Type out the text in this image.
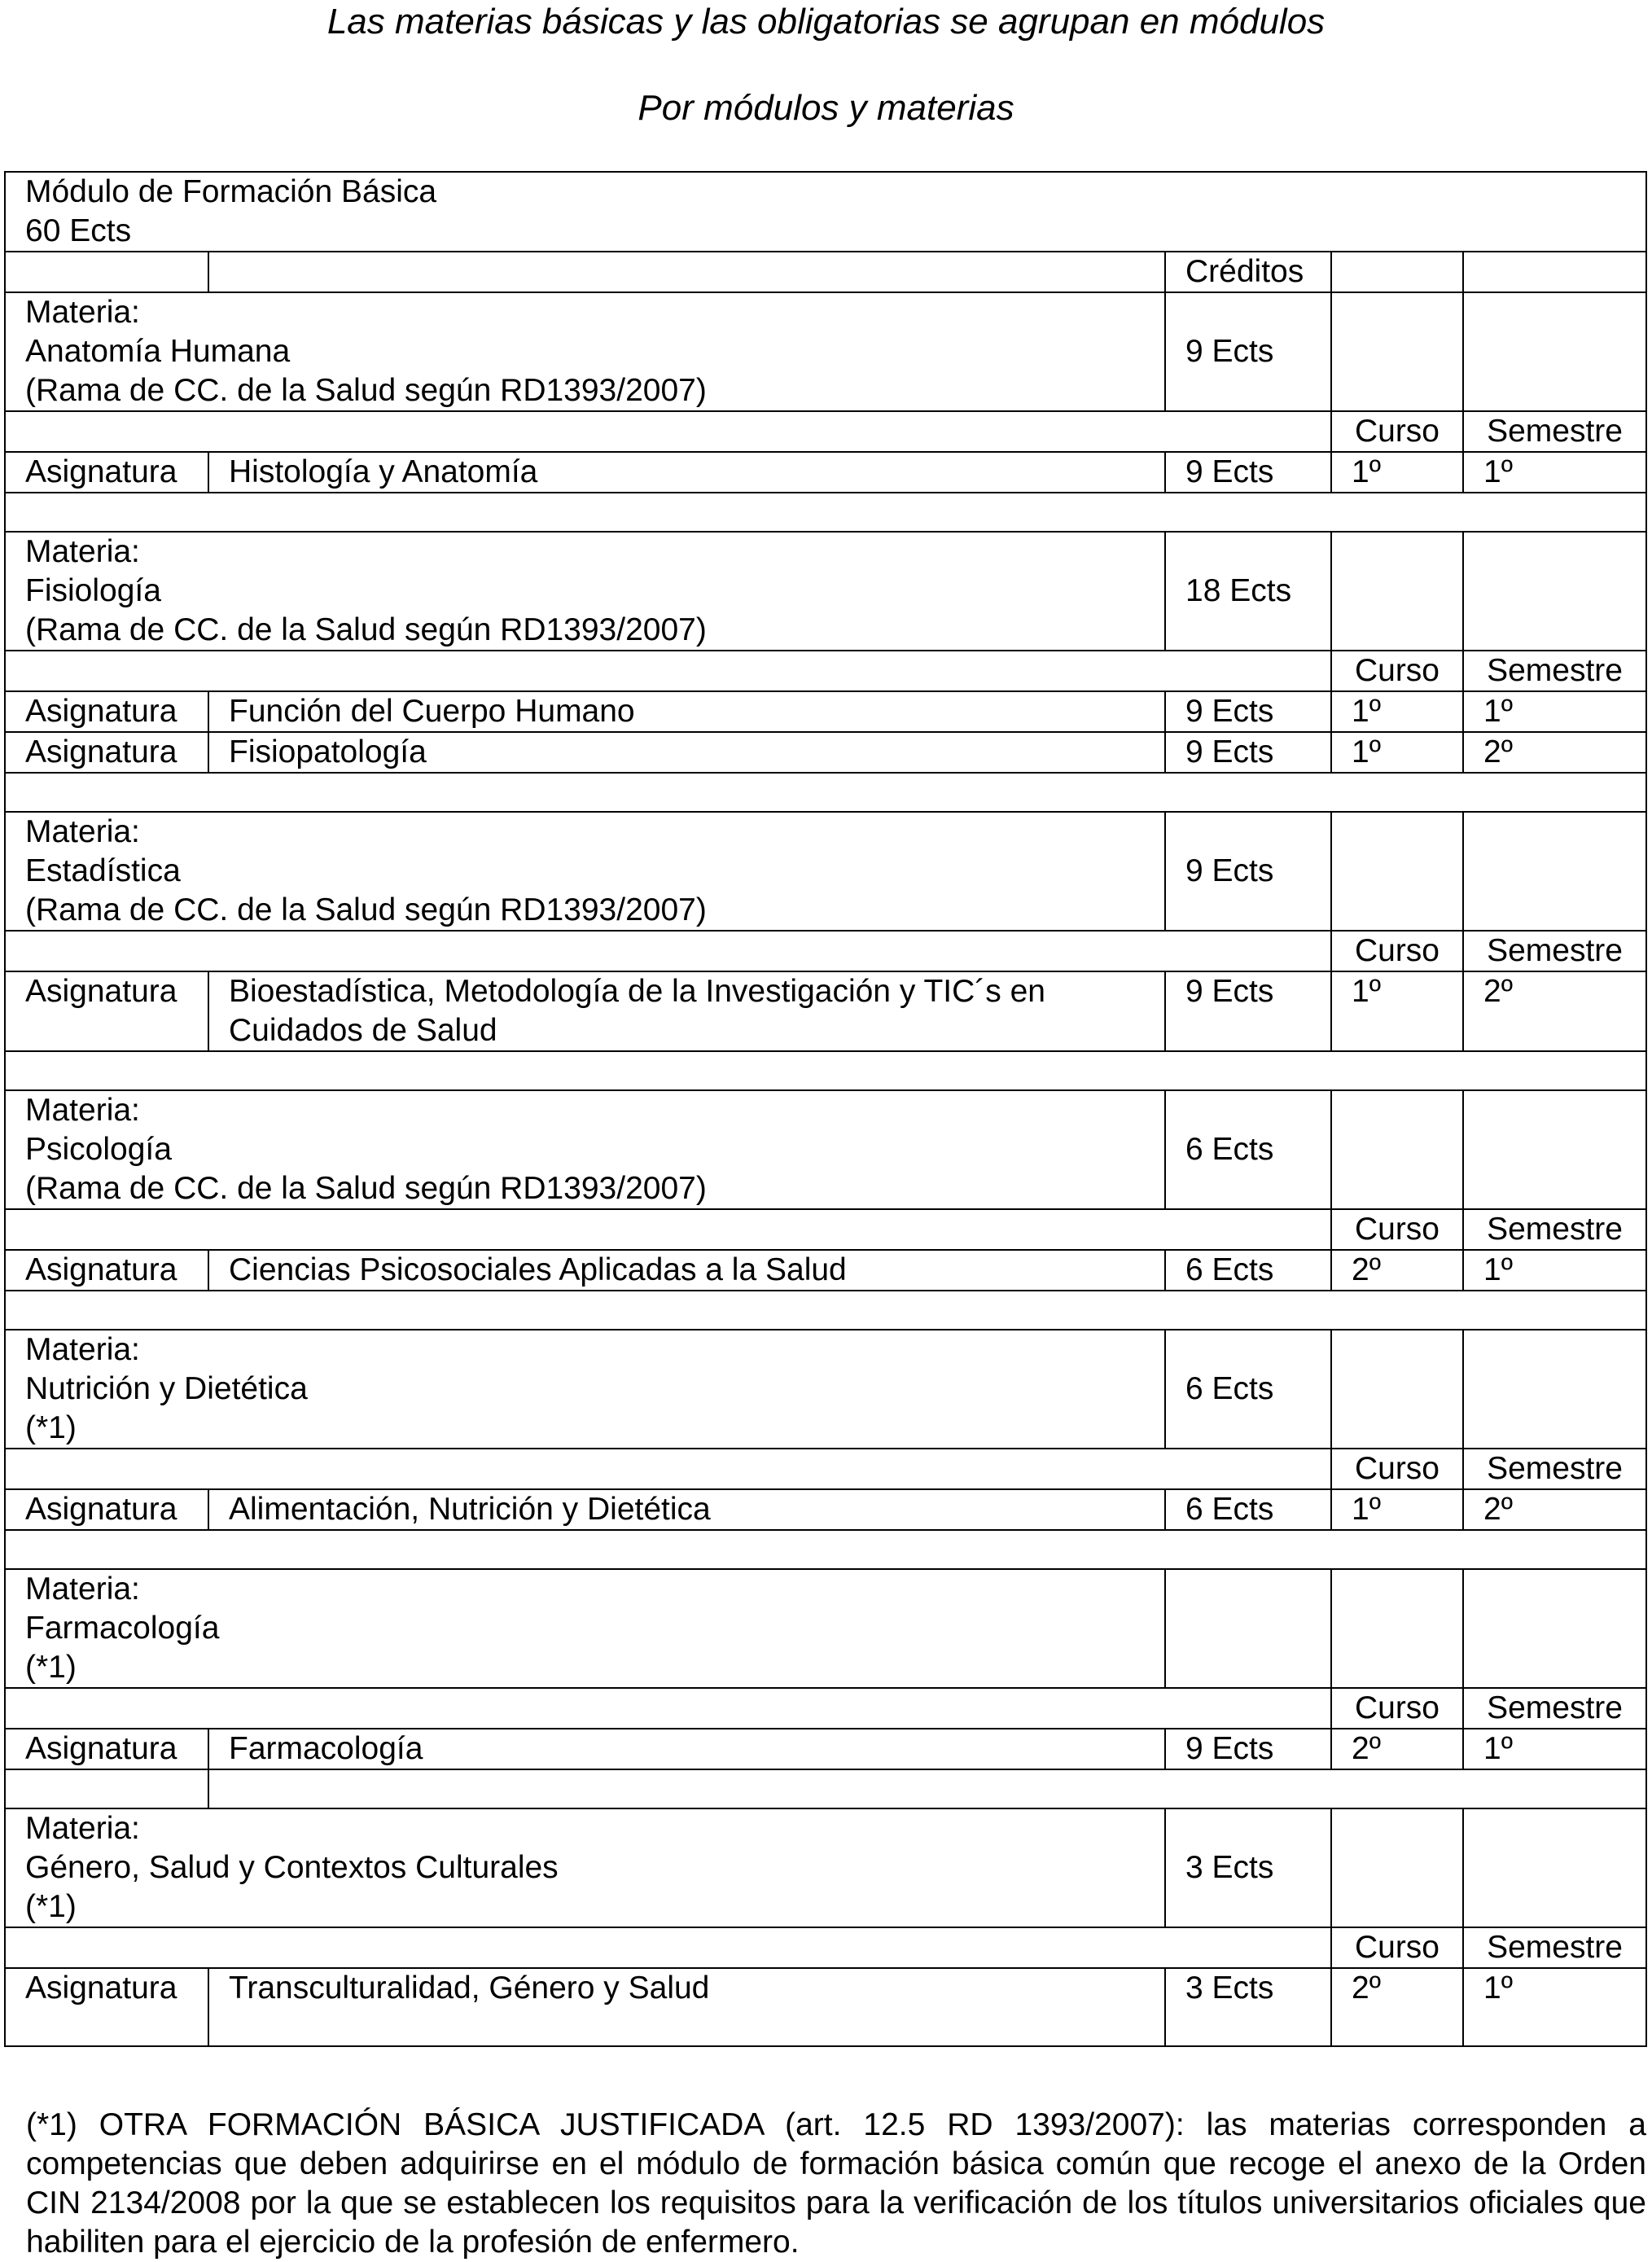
Las materias básicas y las obligatorias se agrupan en módulos
Por módulos y materias
Módulo de Formación Básica
60 Ects				

		Créditos		

Materia:
Anatomía Humana
(Rama de CC. de la Salud según RD1393/2007)		9 Ects		
			Curso	Semestre
Asignatura	Histología y Anatomía	9 Ects	1º	1º

Materia:
Fisiología
(Rama de CC. de la Salud según RD1393/2007)		18 Ects		
			Curso	Semestre
Asignatura	Función del Cuerpo Humano	9 Ects	1º	1º
Asignatura	Fisiopatología	9 Ects	1º	2º

Materia:
Estadística
(Rama de CC. de la Salud según RD1393/2007)		9 Ects		
			Curso	Semestre
Asignatura	Bioestadística, Metodología de la Investigación y TIC´s en Cuidados de Salud	9 Ects	1º	2º

Materia:
Psicología
(Rama de CC. de la Salud según RD1393/2007)		6 Ects		
			Curso	Semestre
Asignatura	Ciencias Psicosociales Aplicadas a la Salud	6 Ects	2º	1º

Materia:
Nutrición y Dietética
(*1)		6 Ects		
			Curso	Semestre
Asignatura	Alimentación, Nutrición y Dietética	6 Ects	1º	2º

Materia:
Farmacología
(*1)				

			Curso	Semestre
Asignatura	Farmacología	9 Ects	2º	1º

Materia:
Género, Salud y Contextos Culturales
(*1)		3 Ects		
			Curso	Semestre
Asignatura	Transculturalidad, Género y Salud	3 Ects	2º	1º

(*1) OTRA FORMACIÓN BÁSICA JUSTIFICADA (art. 12.5 RD 1393/2007): las materias corresponden a competencias que deben adquirirse en el módulo de formación básica común que recoge el anexo de la Orden CIN 2134/2008 por la que se establecen los requisitos para la verificación de los títulos universitarios oficiales que habiliten para el ejercicio de la profesión de enfermero.
